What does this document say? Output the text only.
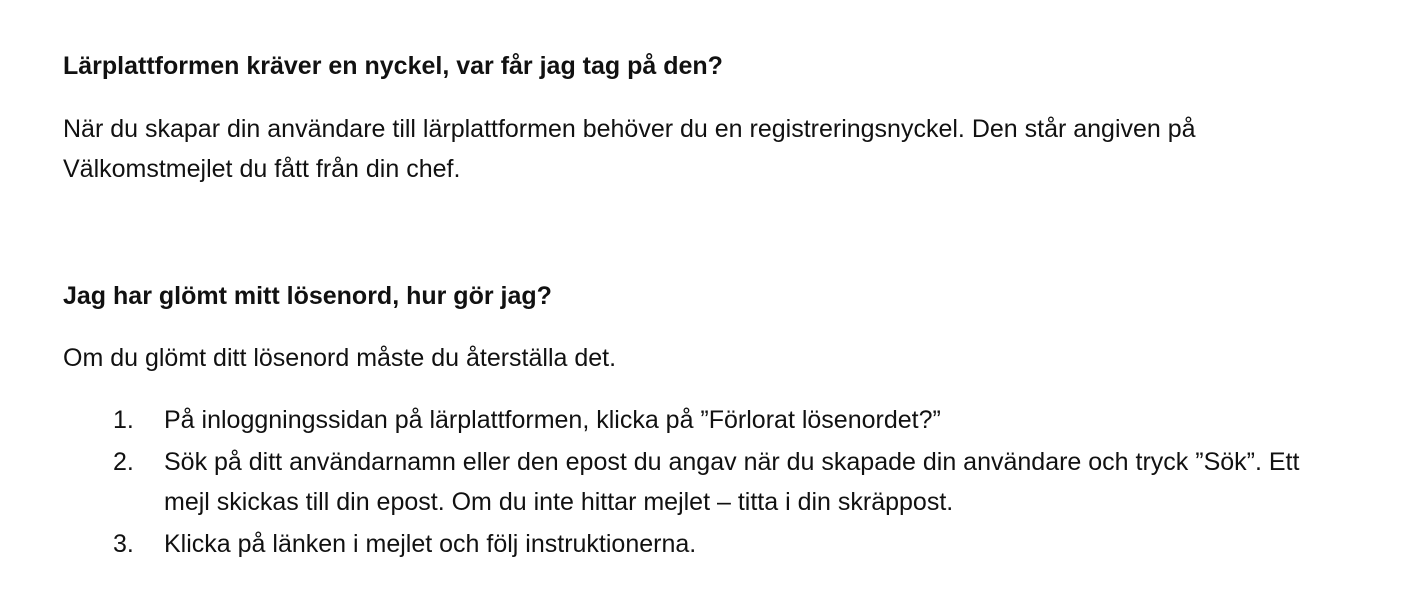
Lärplattformen kräver en nyckel, var får jag tag på den?

När du skapar din användare till lärplattformen behöver du en registreringsnyckel. Den står angiven på Välkomstmejlet du fått från din chef.

Jag har glömt mitt lösenord, hur gör jag?

Om du glömt ditt lösenord måste du återställa det.

1. På inloggningssidan på lärplattformen, klicka på ”Förlorat lösenordet?”
2. Sök på ditt användarnamn eller den epost du angav när du skapade din användare och tryck ”Sök”. Ett mejl skickas till din epost. Om du inte hittar mejlet – titta i din skräppost.
3. Klicka på länken i mejlet och följ instruktionerna.
